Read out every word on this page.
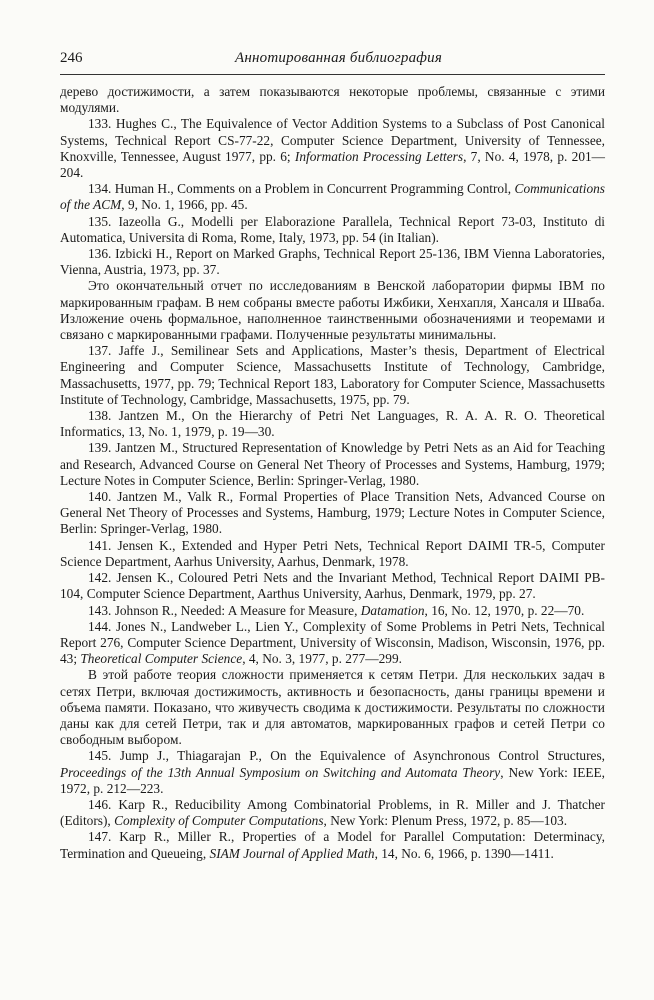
246	Аннотированная библиография

дерево достижимости, а затем показываются некоторые проблемы, связанные с этими модулями.

133. Hughes C., The Equivalence of Vector Addition Systems to a Subclass of Post Canonical Systems, Technical Report CS-77-22, Computer Science Department, University of Tennessee, Knoxville, Tennessee, August 1977, pp. 6; Information Processing Letters, 7, No. 4, 1978, p. 201—204.

134. Human H., Comments on a Problem in Concurrent Programming Control, Communications of the ACM, 9, No. 1, 1966, pp. 45.

135. Iazeolla G., Modelli per Elaborazione Parallela, Technical Report 73-03, Instituto di Automatica, Universita di Roma, Rome, Italy, 1973, pp. 54 (in Italian).

136. Izbicki H., Report on Marked Graphs, Technical Report 25-136, IBM Vienna Laboratories, Vienna, Austria, 1973, pp. 37.

Это окончательный отчет по исследованиям в Венской лаборатории фирмы IBM по маркированным графам. В нем собраны вместе работы Ижбики, Хенхапля, Хансаля и Шваба. Изложение очень формальное, наполненное таинственными обозначениями и теоремами и связано с маркированными графами. Полученные результаты минимальны.

137. Jaffe J., Semilinear Sets and Applications, Master’s thesis, Department of Electrical Engineering and Computer Science, Massachusetts Institute of Technology, Cambridge, Massachusetts, 1977, pp. 79; Technical Report 183, Laboratory for Computer Science, Massachusetts Institute of Technology, Cambridge, Massachusetts, 1975, pp. 79.

138. Jantzen M., On the Hierarchy of Petri Net Languages, R. A. A. R. O. Theoretical Informatics, 13, No. 1, 1979, p. 19—30.

139. Jantzen M., Structured Representation of Knowledge by Petri Nets as an Aid for Teaching and Research, Advanced Course on General Net Theory of Processes and Systems, Hamburg, 1979; Lecture Notes in Computer Science, Berlin: Springer-Verlag, 1980.

140. Jantzen M., Valk R., Formal Properties of Place Transition Nets, Advanced Course on General Net Theory of Processes and Systems, Hamburg, 1979; Lecture Notes in Computer Science, Berlin: Springer-Verlag, 1980.

141. Jensen K., Extended and Hyper Petri Nets, Technical Report DAIMI TR-5, Computer Science Department, Aarhus University, Aarhus, Denmark, 1978.

142. Jensen K., Coloured Petri Nets and the Invariant Method, Technical Report DAIMI PB-104, Computer Science Department, Aarthus University, Aarhus, Denmark, 1979, pp. 27.

143. Johnson R., Needed: A Measure for Measure, Datamation, 16, No. 12, 1970, p. 22—70.

144. Jones N., Landweber L., Lien Y., Complexity of Some Problems in Petri Nets, Technical Report 276, Computer Science Department, University of Wisconsin, Madison, Wisconsin, 1976, pp. 43; Theoretical Computer Science, 4, No. 3, 1977, p. 277—299.

В этой работе теория сложности применяется к сетям Петри. Для нескольких задач в сетях Петри, включая достижимость, активность и безопасность, даны границы времени и объема памяти. Показано, что живучесть сводима к достижимости. Результаты по сложности даны как для сетей Петри, так и для автоматов, маркированных графов и сетей Петри со свободным выбором.

145. Jump J., Thiagarajan P., On the Equivalence of Asynchronous Control Structures, Proceedings of the 13th Annual Symposium on Switching and Automata Theory, New York: IEEE, 1972, p. 212—223.

146. Karp R., Reducibility Among Combinatorial Problems, in R. Miller and J. Thatcher (Editors), Complexity of Computer Computations, New York: Plenum Press, 1972, p. 85—103.

147. Karp R., Miller R., Properties of a Model for Parallel Computation: Determinacy, Termination and Queueing, SIAM Journal of Applied Math, 14, No. 6, 1966, p. 1390—1411.
